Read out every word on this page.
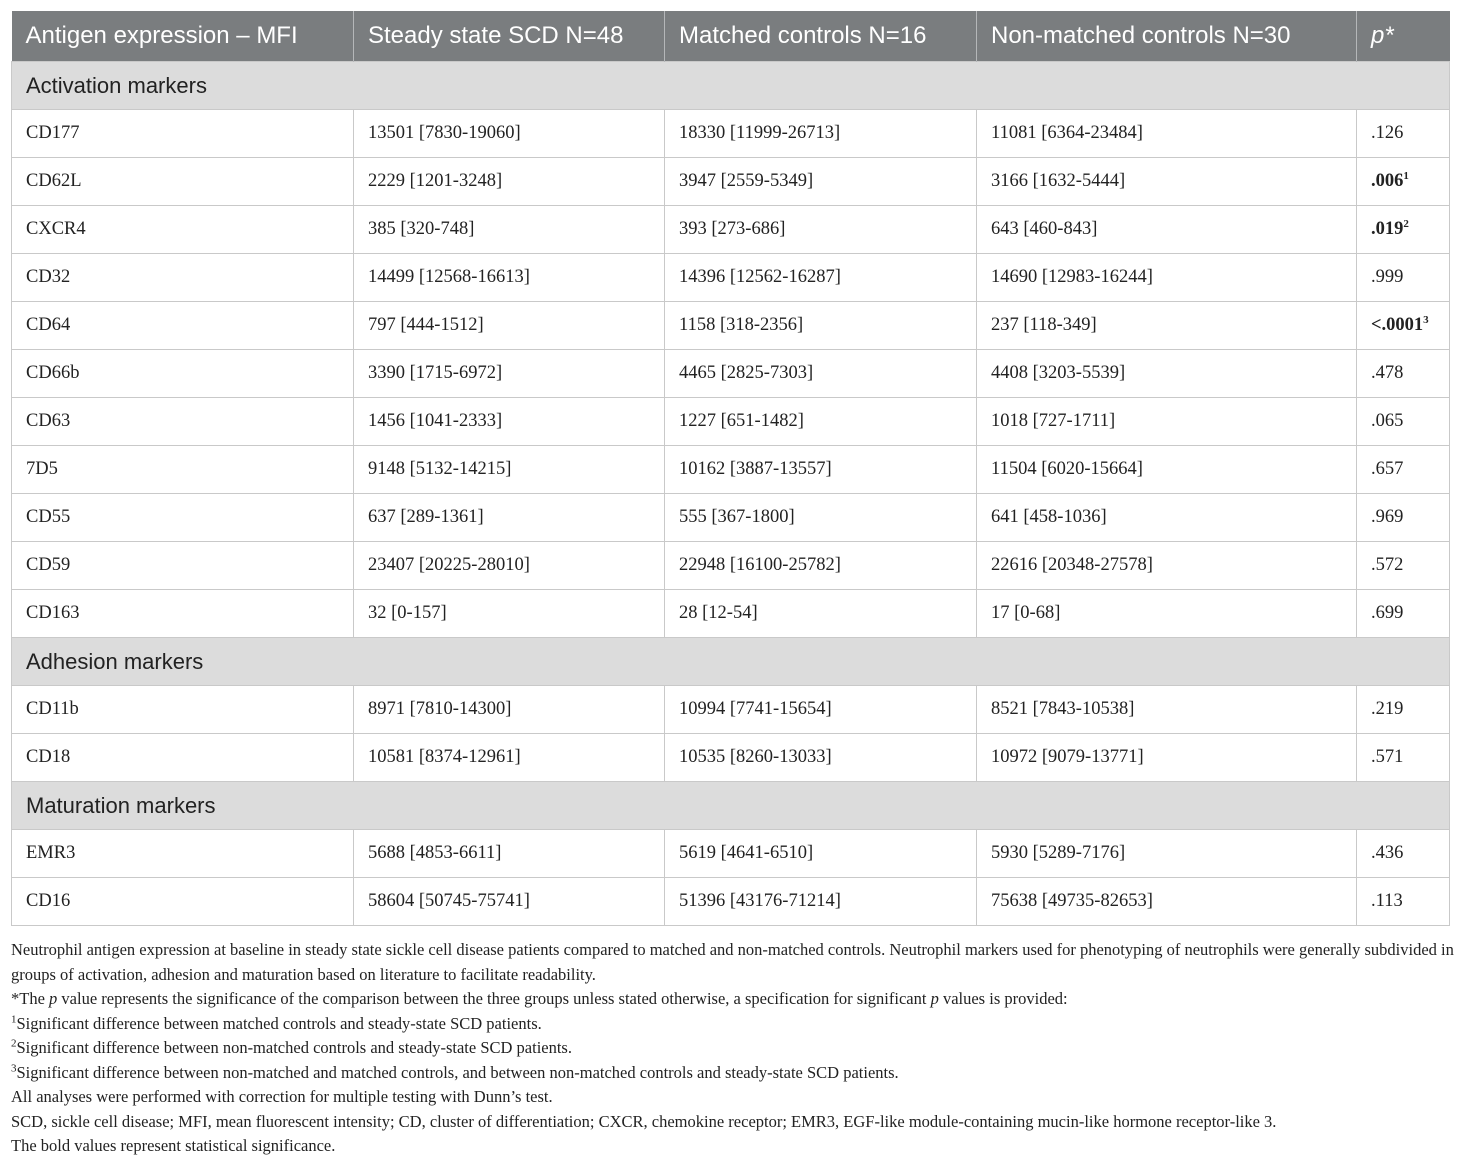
Antigen expression – MFI	Steady state SCD N=48	Matched controls N=16	Non-matched controls N=30	p*
Activation markers				
CD177	13501 [7830-19060]	18330 [11999-26713]	11081 [6364-23484]	.126
CD62L	2229 [1201-3248]	3947 [2559-5349]	3166 [1632-5444]	.006$^1$
CXCR4	385 [320-748]	393 [273-686]	643 [460-843]	.019$^2$
CD32	14499 [12568-16613]	14396 [12562-16287]	14690 [12983-16244]	.999
CD64	797 [444-1512]	1158 [318-2356]	237 [118-349]	$<.0001^3$
CD66b	3390 [1715-6972]	4465 [2825-7303]	4408 [3203-5539]	.478
CD63	1456 [1041-2333]	1227 [651-1482]	1018 [727-1711]	.065
7D5	9148 [5132-14215]	10162 [3887-13557]	11504 [6020-15664]	.657
CD55	637 [289-1361]	555 [367-1800]	641 [458-1036]	.969
CD59	23407 [20225-28010]	22948 [16100-25782]	22616 [20348-27578]	.572
CD163	32 [0-157]	28 [12-54]	17 [0-68]	.699
Adhesion markers				
CD11b	8971 [7810-14300]	10994 [7741-15654]	8521 [7843-10538]	.219
CD18	10581 [8374-12961]	10535 [8260-13033]	10972 [9079-13771]	.571
Maturation markers				
EMR3	5688 [4853-6611]	5619 [4641-6510]	5930 [5289-7176]	.436
CD16	58604 [50745-75741]	51396 [43176-71214]	75638 [49735-82653]	.113

Neutrophil antigen expression at baseline in steady state sickle cell disease patients compared to matched and non-matched controls. Neutrophil markers used for phenotyping of neutrophils were generally subdivided in groups of activation, adhesion and maturation based on literature to facilitate readability.

*The p value represents the significance of the comparison between the three groups unless stated otherwise, a specification for significant p values is provided:

$^1$Significant difference between matched controls and steady-state SCD patients.

$^2$Significant difference between non-matched controls and steady-state SCD patients.

$^3$Significant difference between non-matched and matched controls, and between non-matched controls and steady-state SCD patients.

All analyses were performed with correction for multiple testing with Dunn’s test.

SCD, sickle cell disease; MFI, mean fluorescent intensity; CD, cluster of differentiation; CXCR, chemokine receptor; EMR3, EGF-like module-containing mucin-like hormone receptor-like 3.

The bold values represent statistical significance.
